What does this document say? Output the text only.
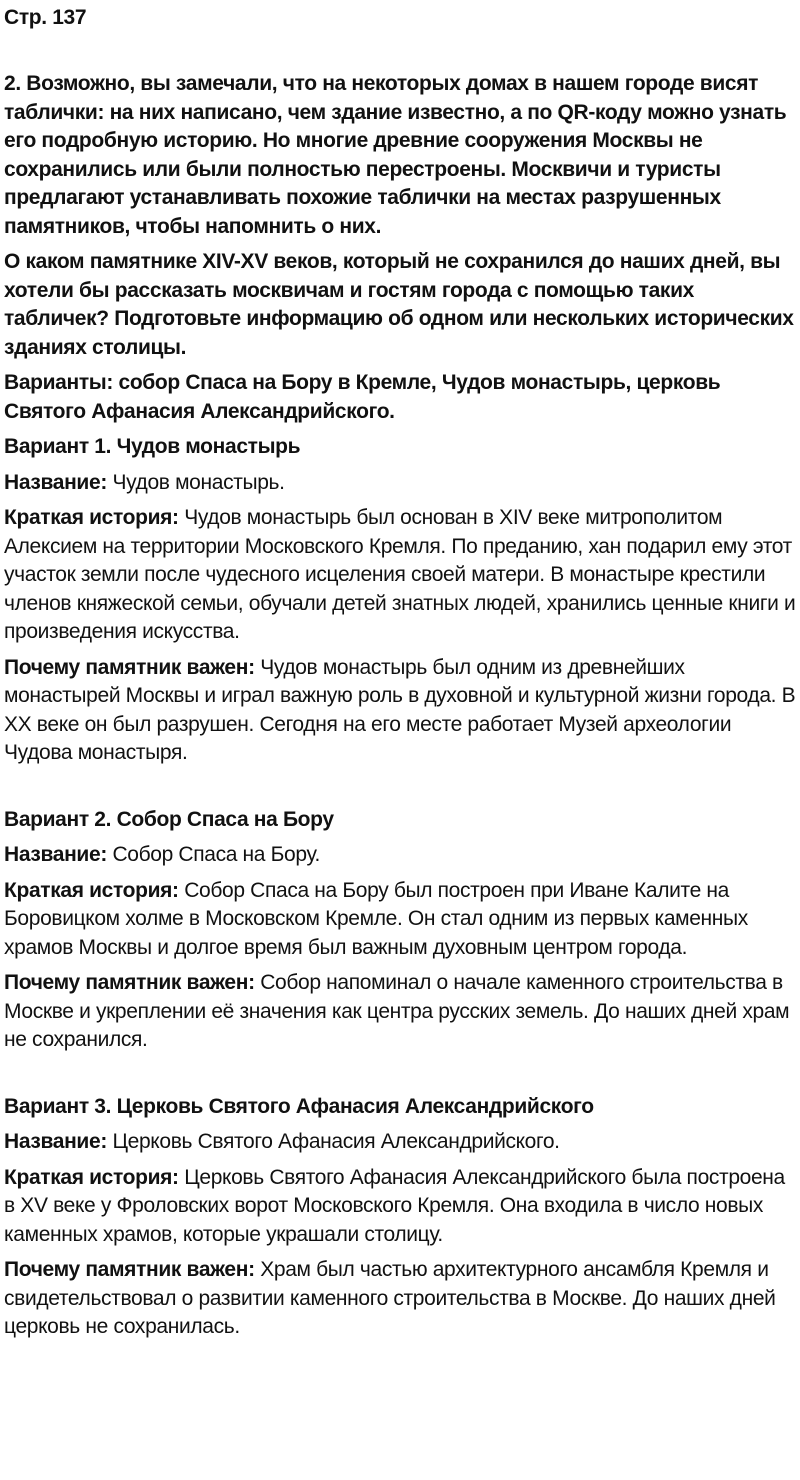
Стр. 137

2. Возможно, вы замечали, что на некоторых домах в нашем городе висят таблички: на них написано, чем здание известно, а по QR-коду можно узнать его подробную историю. Но многие древние сооружения Москвы не сохранились или были полностью перестроены. Москвичи и туристы предлагают устанавливать похожие таблички на местах разрушенных памятников, чтобы напомнить о них.

О каком памятнике XIV-XV веков, который не сохранился до наших дней, вы хотели бы рассказать москвичам и гостям города с помощью таких табличек? Подготовьте информацию об одном или нескольких исторических зданиях столицы.

Варианты: собор Спаса на Бору в Кремле, Чудов монастырь, церковь Святого Афанасия Александрийского.

Вариант 1. Чудов монастырь

Название: Чудов монастырь.

Краткая история: Чудов монастырь был основан в XIV веке митрополитом Алексием на территории Московского Кремля. По преданию, хан подарил ему этот участок земли после чудесного исцеления своей матери. В монастыре крестили членов княжеской семьи, обучали детей знатных людей, хранились ценные книги и произведения искусства.

Почему памятник важен: Чудов монастырь был одним из древнейших монастырей Москвы и играл важную роль в духовной и культурной жизни города. В XX веке он был разрушен. Сегодня на его месте работает Музей археологии Чудова монастыря.

Вариант 2. Собор Спаса на Бору

Название: Собор Спаса на Бору.

Краткая история: Собор Спаса на Бору был построен при Иване Калите на Боровицком холме в Московском Кремле. Он стал одним из первых каменных храмов Москвы и долгое время был важным духовным центром города.

Почему памятник важен: Собор напоминал о начале каменного строительства в Москве и укреплении её значения как центра русских земель. До наших дней храм не сохранился.

Вариант 3. Церковь Святого Афанасия Александрийского

Название: Церковь Святого Афанасия Александрийского.

Краткая история: Церковь Святого Афанасия Александрийского была построена в XV веке у Фроловских ворот Московского Кремля. Она входила в число новых каменных храмов, которые украшали столицу.

Почему памятник важен: Храм был частью архитектурного ансамбля Кремля и свидетельствовал о развитии каменного строительства в Москве. До наших дней церковь не сохранилась.
